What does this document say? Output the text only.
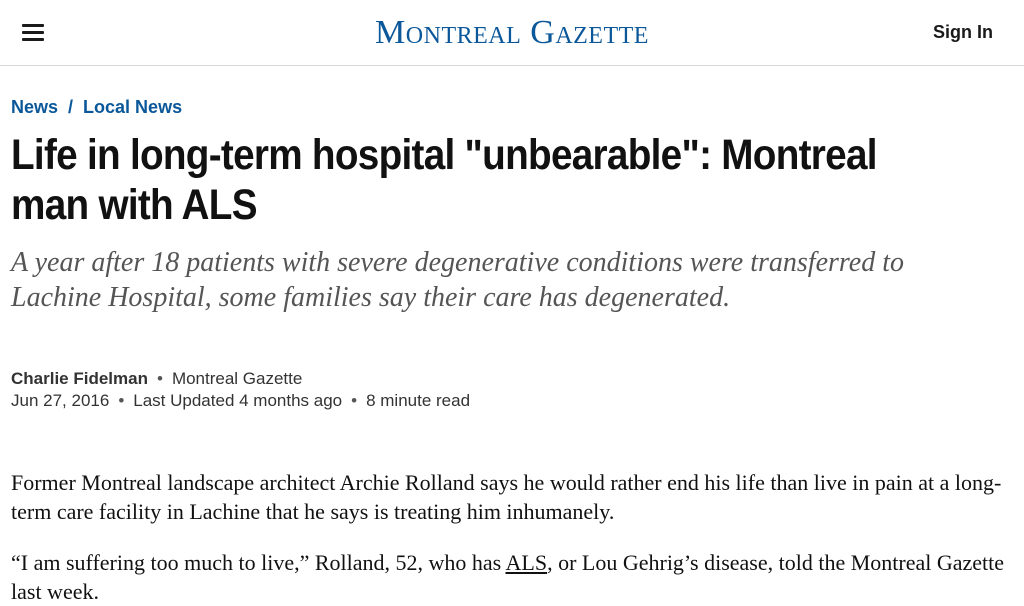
Montreal Gazette	Sign In
News / Local News
Life in long-term hospital "unbearable": Montreal man with ALS

A year after 18 patients with severe degenerative conditions were transferred to Lachine Hospital, some families say their care has degenerated.

Charlie Fidelman • Montreal Gazette
Jun 27, 2016 • Last Updated 4 months ago • 8 minute read

Former Montreal landscape architect Archie Rolland says he would rather end his life than live in pain at a long-term care facility in Lachine that he says is treating him inhumanely.

“I am suffering too much to live,” Rolland, 52, who has ALS, or Lou Gehrig’s disease, told the Montreal Gazette last week.
